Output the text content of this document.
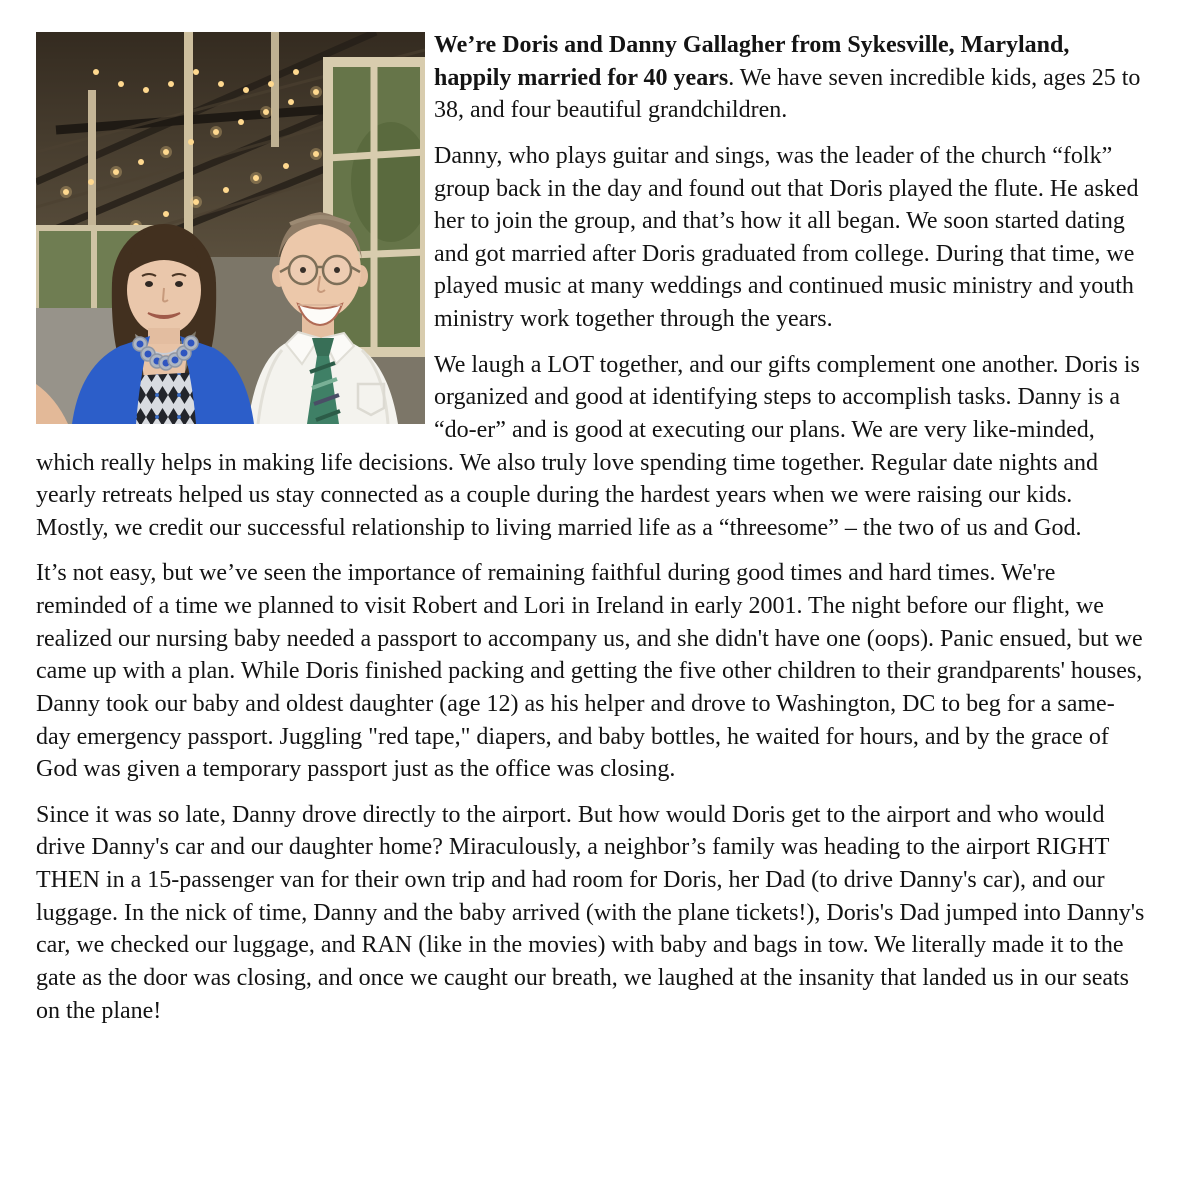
We’re Doris and Danny Gallagher from Sykesville, Maryland, happily married for 40 years. We have seven incredible kids, ages 25 to 38, and four beautiful grandchildren.

Danny, who plays guitar and sings, was the leader of the church “folk” group back in the day and found out that Doris played the flute. He asked her to join the group, and that’s how it all began. We soon started dating and got married after Doris graduated from college. During that time, we played music at many weddings and continued music ministry and youth ministry work together through the years.

We laugh a LOT together, and our gifts complement one another. Doris is organized and good at identifying steps to accomplish tasks. Danny is a “do-er” and is good at executing our plans. We are very like-minded, which really helps in making life decisions. We also truly love spending time together. Regular date nights and yearly retreats helped us stay connected as a couple during the hardest years when we were raising our kids. Mostly, we credit our successful relationship to living married life as a “threesome” – the two of us and God.

It’s not easy, but we’ve seen the importance of remaining faithful during good times and hard times. We're reminded of a time we planned to visit Robert and Lori in Ireland in early 2001. The night before our flight, we realized our nursing baby needed a passport to accompany us, and she didn't have one (oops). Panic ensued, but we came up with a plan. While Doris finished packing and getting the five other children to their grandparents' houses, Danny took our baby and oldest daughter (age 12) as his helper and drove to Washington, DC to beg for a same-day emergency passport. Juggling "red tape," diapers, and baby bottles, he waited for hours, and by the grace of God was given a temporary passport just as the office was closing.

Since it was so late, Danny drove directly to the airport. But how would Doris get to the airport and who would drive Danny's car and our daughter home? Miraculously, a neighbor’s family was heading to the airport RIGHT THEN in a 15-passenger van for their own trip and had room for Doris, her Dad (to drive Danny's car), and our luggage. In the nick of time, Danny and the baby arrived (with the plane tickets!), Doris's Dad jumped into Danny's car, we checked our luggage, and RAN (like in the movies) with baby and bags in tow. We literally made it to the gate as the door was closing, and once we caught our breath, we laughed at the insanity that landed us in our seats on the plane!
